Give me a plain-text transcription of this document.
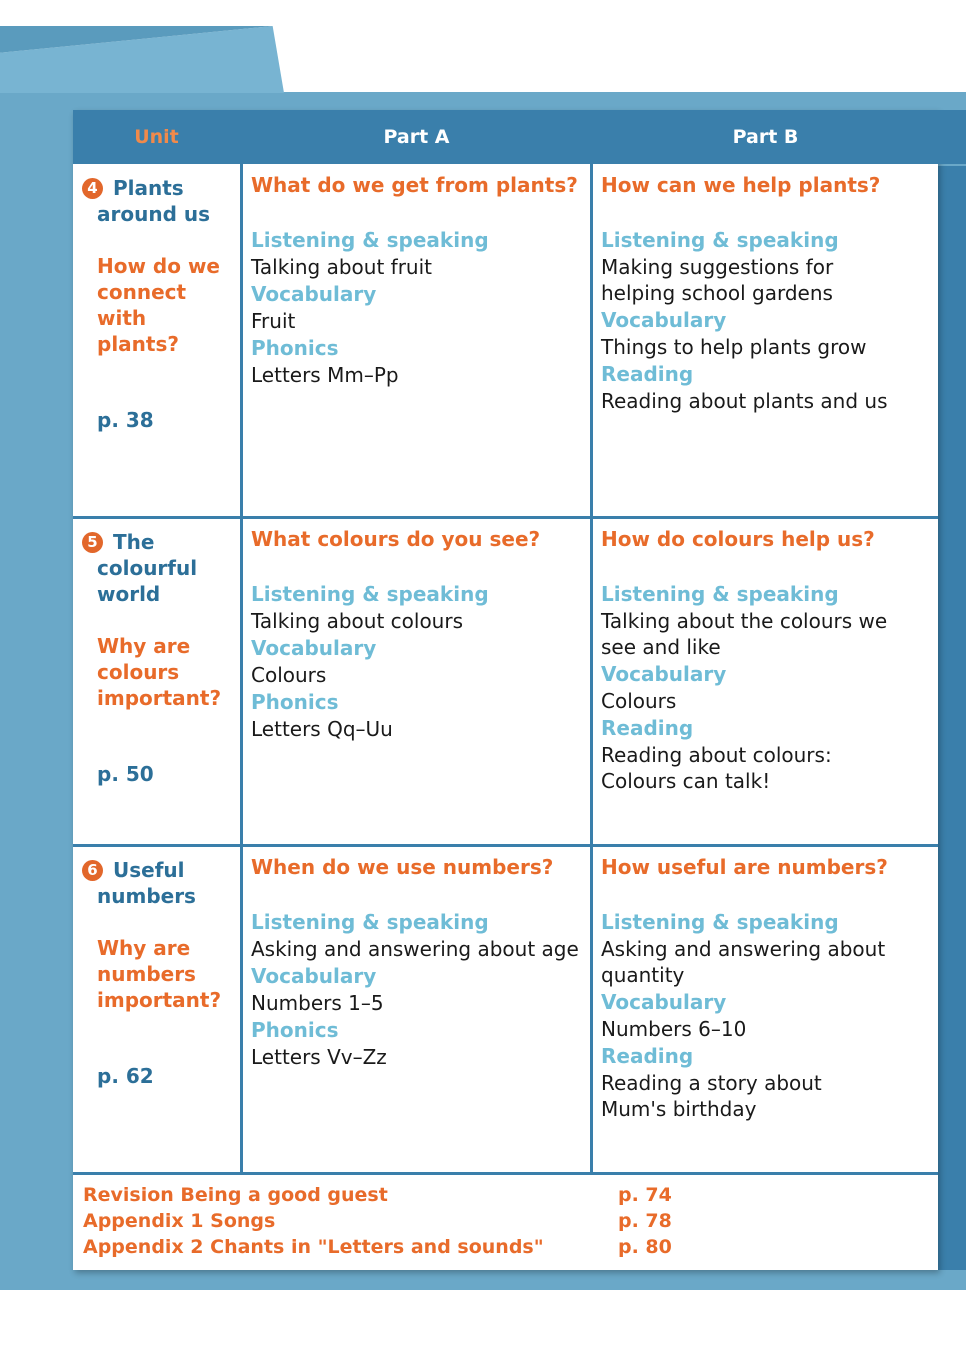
Unit	Part A	Part B
4 Plants
around us
How do we connect with plants?
p. 38
What do we get from plants?
Listening & speaking
Talking about fruit
Vocabulary
Fruit
Phonics
Letters Mm–Pp
How can we help plants?
Listening & speaking
Making suggestions for helping school gardens
Vocabulary
Things to help plants grow
Reading
Reading about plants and us
5 The
colourful world
Why are colours important?
p. 50
What colours do you see?
Listening & speaking
Talking about colours
Vocabulary
Colours
Phonics
Letters Qq–Uu
How do colours help us?
Listening & speaking
Talking about the colours we see and like
Vocabulary
Colours
Reading
Reading about colours: Colours can talk!
6 Useful
numbers
Why are numbers important?
p. 62
When do we use numbers?
Listening & speaking
Asking and answering about age
Vocabulary
Numbers 1–5
Phonics
Letters Vv–Zz
How useful are numbers?
Listening & speaking
Asking and answering about quantity
Vocabulary
Numbers 6–10
Reading
Reading a story about Mum's birthday
Revision Being a good guest
Appendix 1 Songs
Appendix 2 Chants in "Letters and sounds"
p. 74
p. 78
p. 80
